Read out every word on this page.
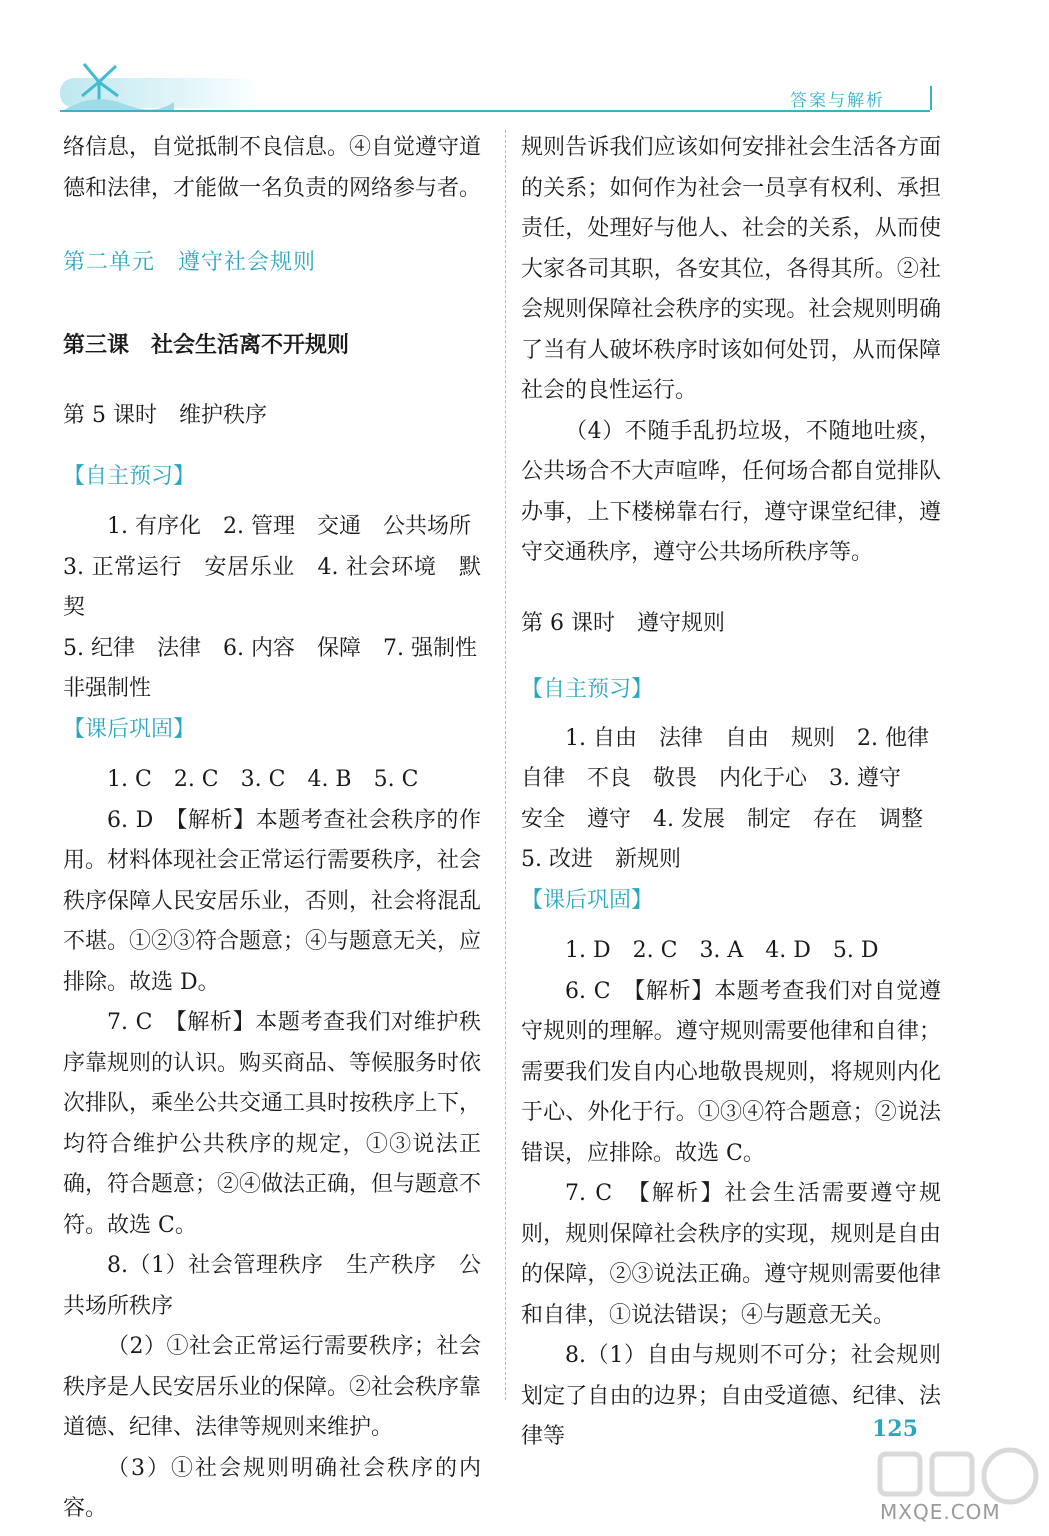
答案与解析

络信息，自觉抵制不良信息。④自觉遵守道德和法律，才能做一名负责的网络参与者。

第二单元　遵守社会规则

第三课　社会生活离不开规则

第 5 课时　维护秩序

【自主预习】

1. 有序化　2. 管理　交通　公共场所

3. 正常运行　安居乐业　4. 社会环境　默契

5. 纪律　法律　6. 内容　保障　7. 强制性

非强制性

【课后巩固】

1. C　2. C　3. C　4. B　5. C

6. D　【解析】本题考查社会秩序的作用。材料体现社会正常运行需要秩序，社会秩序保障人民安居乐业，否则，社会将混乱不堪。①②③符合题意；④与题意无关，应排除。故选 D。

7. C　【解析】本题考查我们对维护秩序靠规则的认识。购买商品、等候服务时依次排队，乘坐公共交通工具时按秩序上下，均符合维护公共秩序的规定，①③说法正确，符合题意；②④做法正确，但与题意不符。故选 C。

8.（1）社会管理秩序　生产秩序　公共场所秩序

（2）①社会正常运行需要秩序；社会秩序是人民安居乐业的保障。②社会秩序靠道德、纪律、法律等规则来维护。

（3）①社会规则明确社会秩序的内容。

规则告诉我们应该如何安排社会生活各方面的关系；如何作为社会一员享有权利、承担责任，处理好与他人、社会的关系，从而使大家各司其职，各安其位，各得其所。②社会规则保障社会秩序的实现。社会规则明确了当有人破坏秩序时该如何处罚，从而保障社会的良性运行。

（4）不随手乱扔垃圾，不随地吐痰，公共场合不大声喧哗，任何场合都自觉排队办事，上下楼梯靠右行，遵守课堂纪律，遵守交通秩序，遵守公共场所秩序等。

第 6 课时　遵守规则

【自主预习】

1. 自由　法律　自由　规则　2. 他律

自律　不良　敬畏　内化于心　3. 遵守

安全　遵守　4. 发展　制定　存在　调整

5. 改进　新规则

【课后巩固】

1. D　2. C　3. A　4. D　5. D

6. C　【解析】本题考查我们对自觉遵守规则的理解。遵守规则需要他律和自律；需要我们发自内心地敬畏规则，将规则内化于心、外化于行。①③④符合题意；②说法错误，应排除。故选 C。

7. C　【解析】社会生活需要遵守规则，规则保障社会秩序的实现，规则是自由的保障，②③说法正确。遵守规则需要他律和自律，①说法错误；④与题意无关。

8.（1）自由与规则不可分；社会规则划定了自由的边界；自由受道德、纪律、法律等	125
MXQE.COM
